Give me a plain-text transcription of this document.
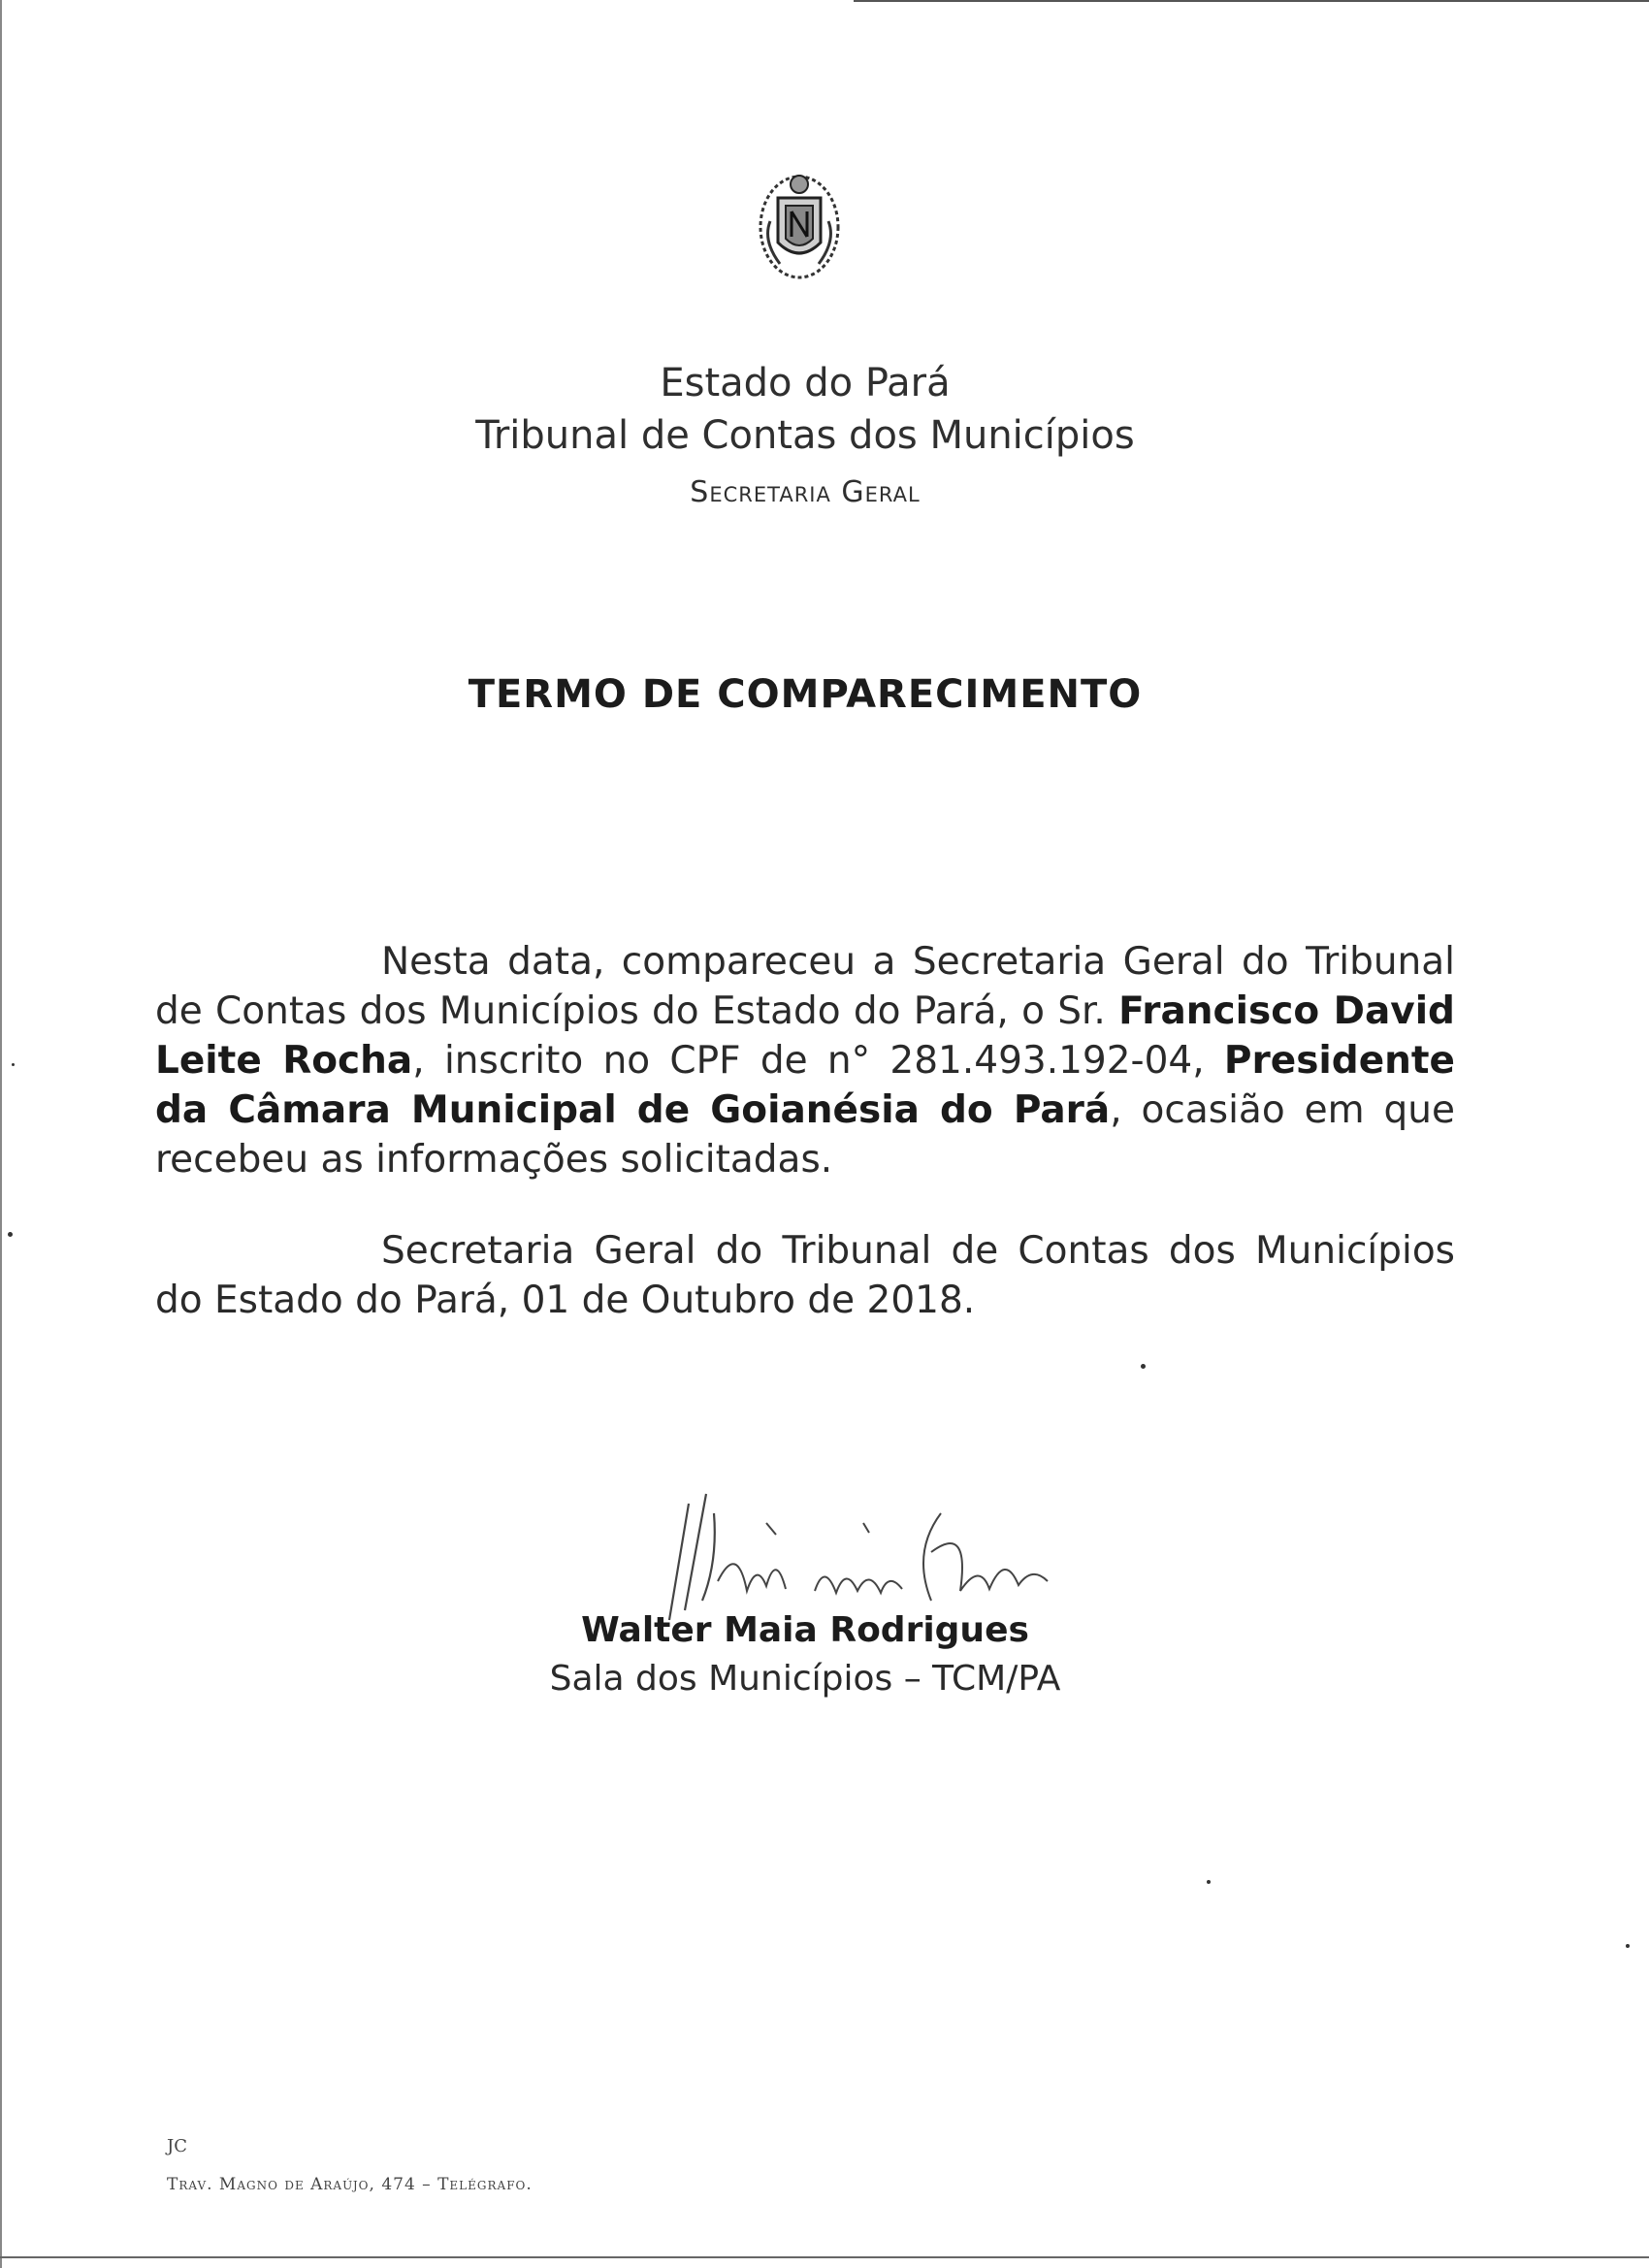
Estado do Pará
Tribunal de Contas dos Municípios
Secretaria Geral
TERMO DE COMPARECIMENTO
Nesta data, compareceu a Secretaria Geral do Tribunal de Contas dos Municípios do Estado do Pará, o Sr. Francisco David Leite Rocha, inscrito no CPF de n° 281.493.192-04, Presidente da Câmara Municipal de Goianésia do Pará, ocasião em que recebeu as informações solicitadas.
Secretaria Geral do Tribunal de Contas dos Municípios do Estado do Pará, 01 de Outubro de 2018.
Walter Maia Rodrigues
Sala dos Municípios – TCM/PA
JC
Trav. Magno de Araújo, 474 – Telégrafo.
